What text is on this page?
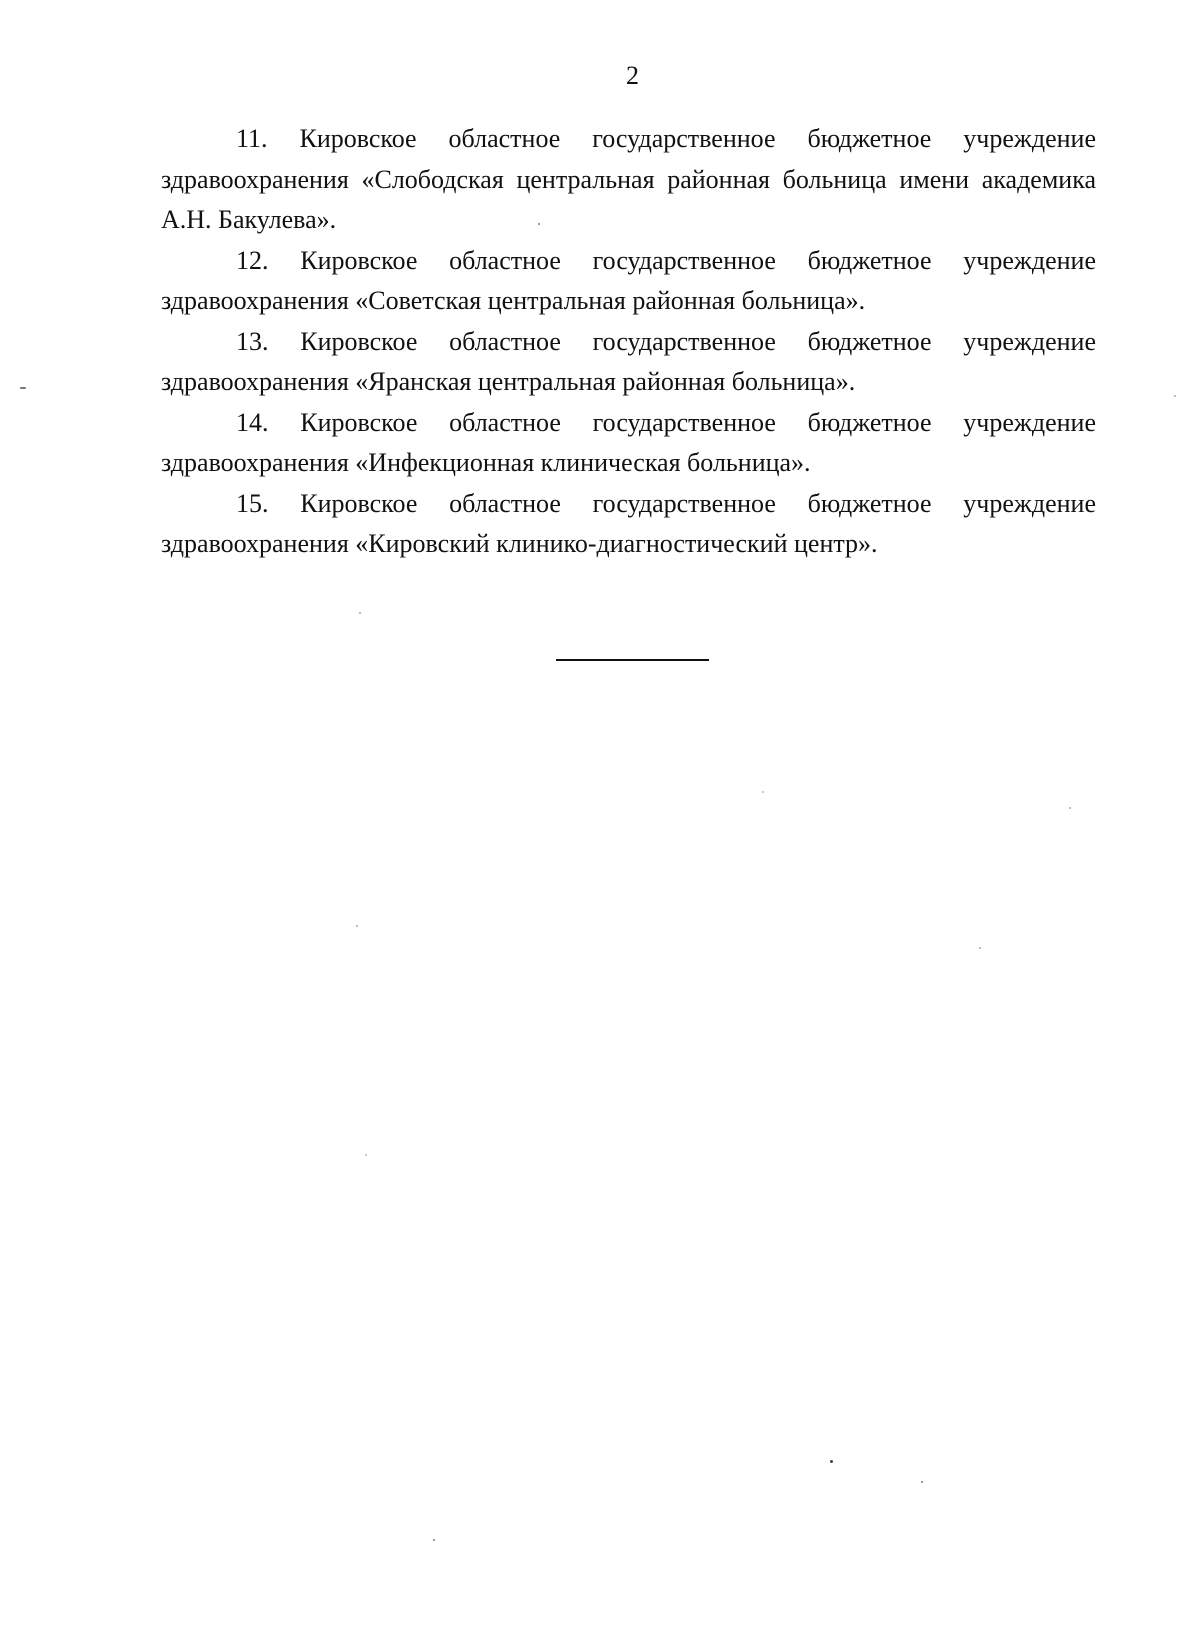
2

11. Кировское областное государственное бюджетное учреждение здравоохранения «Слободская центральная районная больница имени академика А.Н. Бакулева».

12. Кировское областное государственное бюджетное учреждение здравоохранения «Советская центральная районная больница».

13. Кировское областное государственное бюджетное учреждение здравоохранения «Яранская центральная районная больница».

14. Кировское областное государственное бюджетное учреждение здравоохранения «Инфекционная клиническая больница».

15. Кировское областное государственное бюджетное учреждение здравоохранения «Кировский клинико-диагностический центр».
